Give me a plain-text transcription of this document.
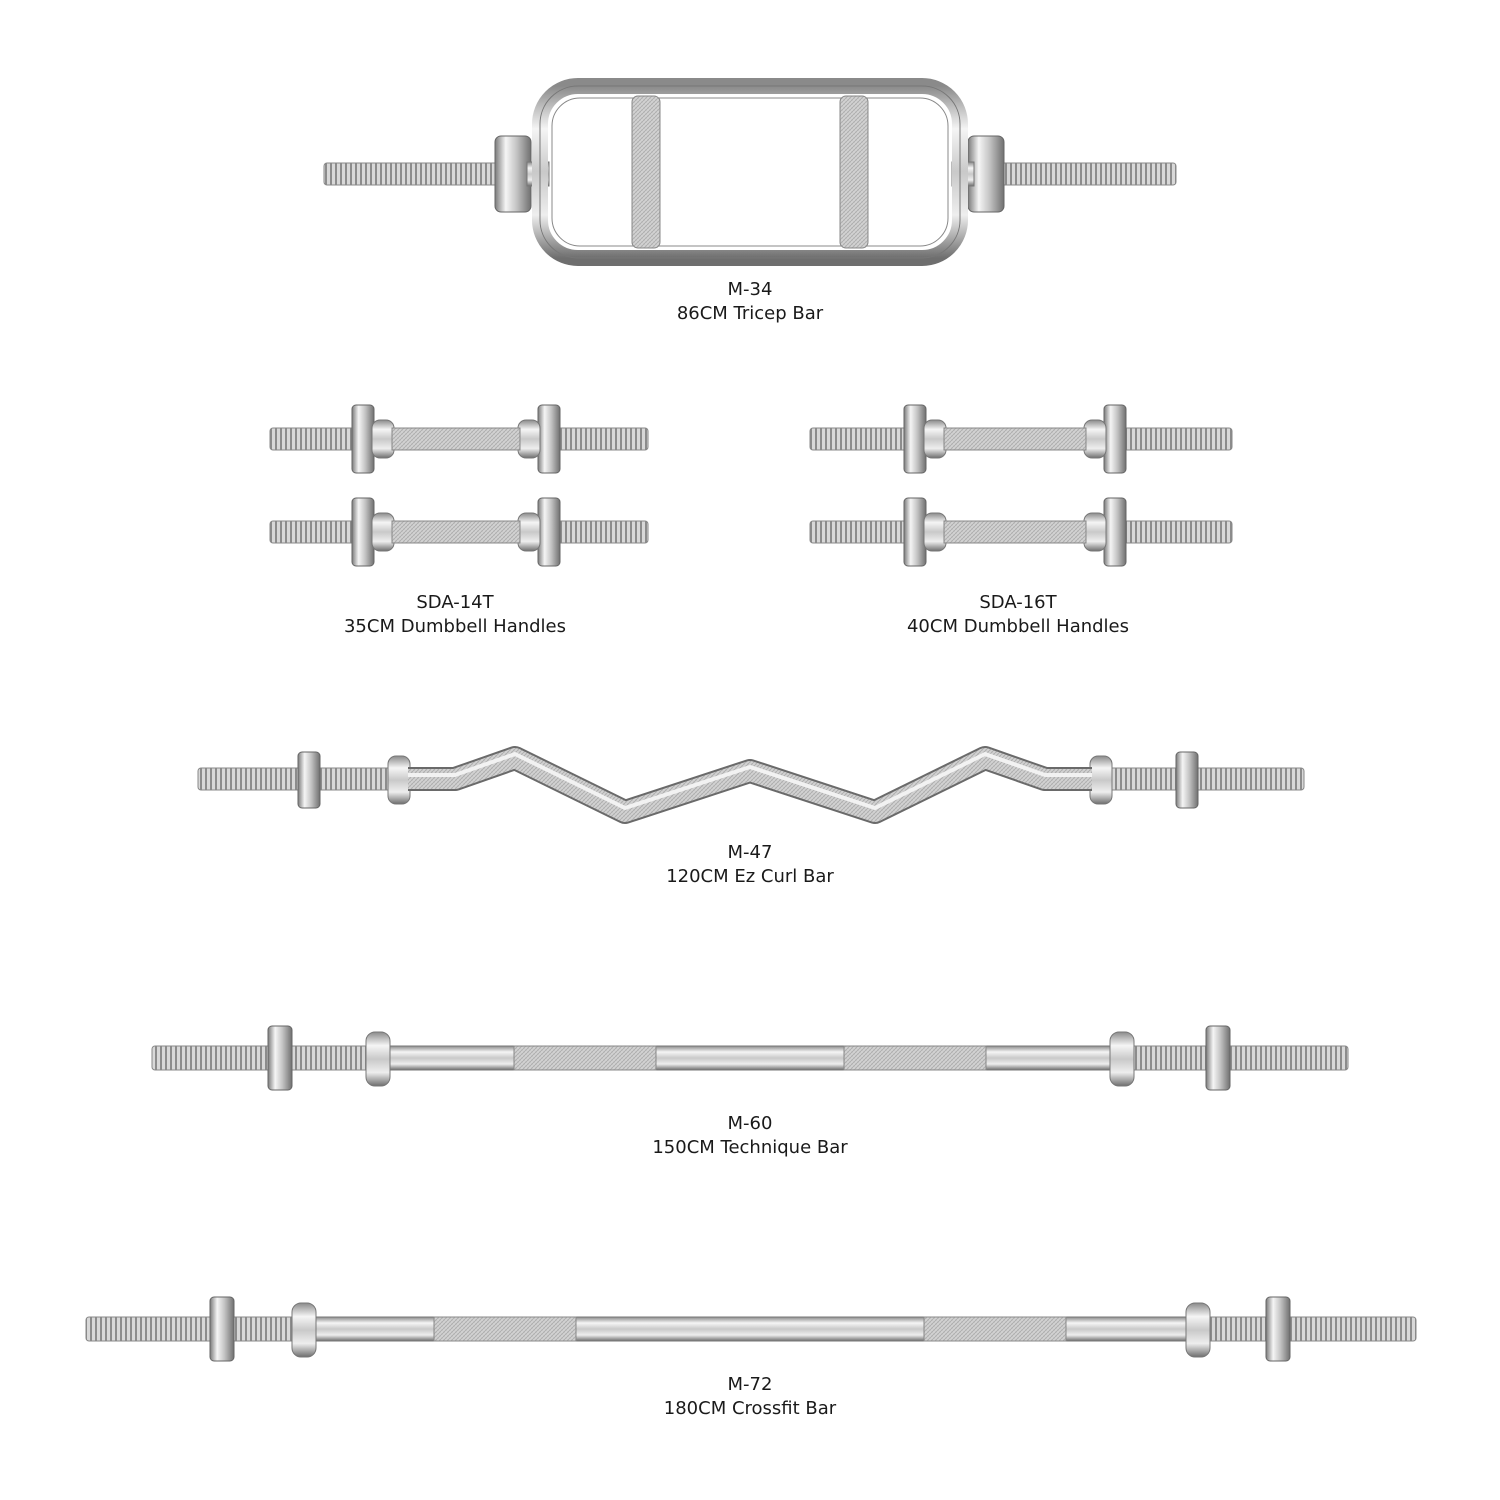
M-34
86CM Tricep Bar
SDA-14T
35CM Dumbbell Handles
SDA-16T
40CM Dumbbell Handles
M-47
120CM Ez Curl Bar
M-60
150CM Technique Bar
M-72
180CM Crossfit Bar
